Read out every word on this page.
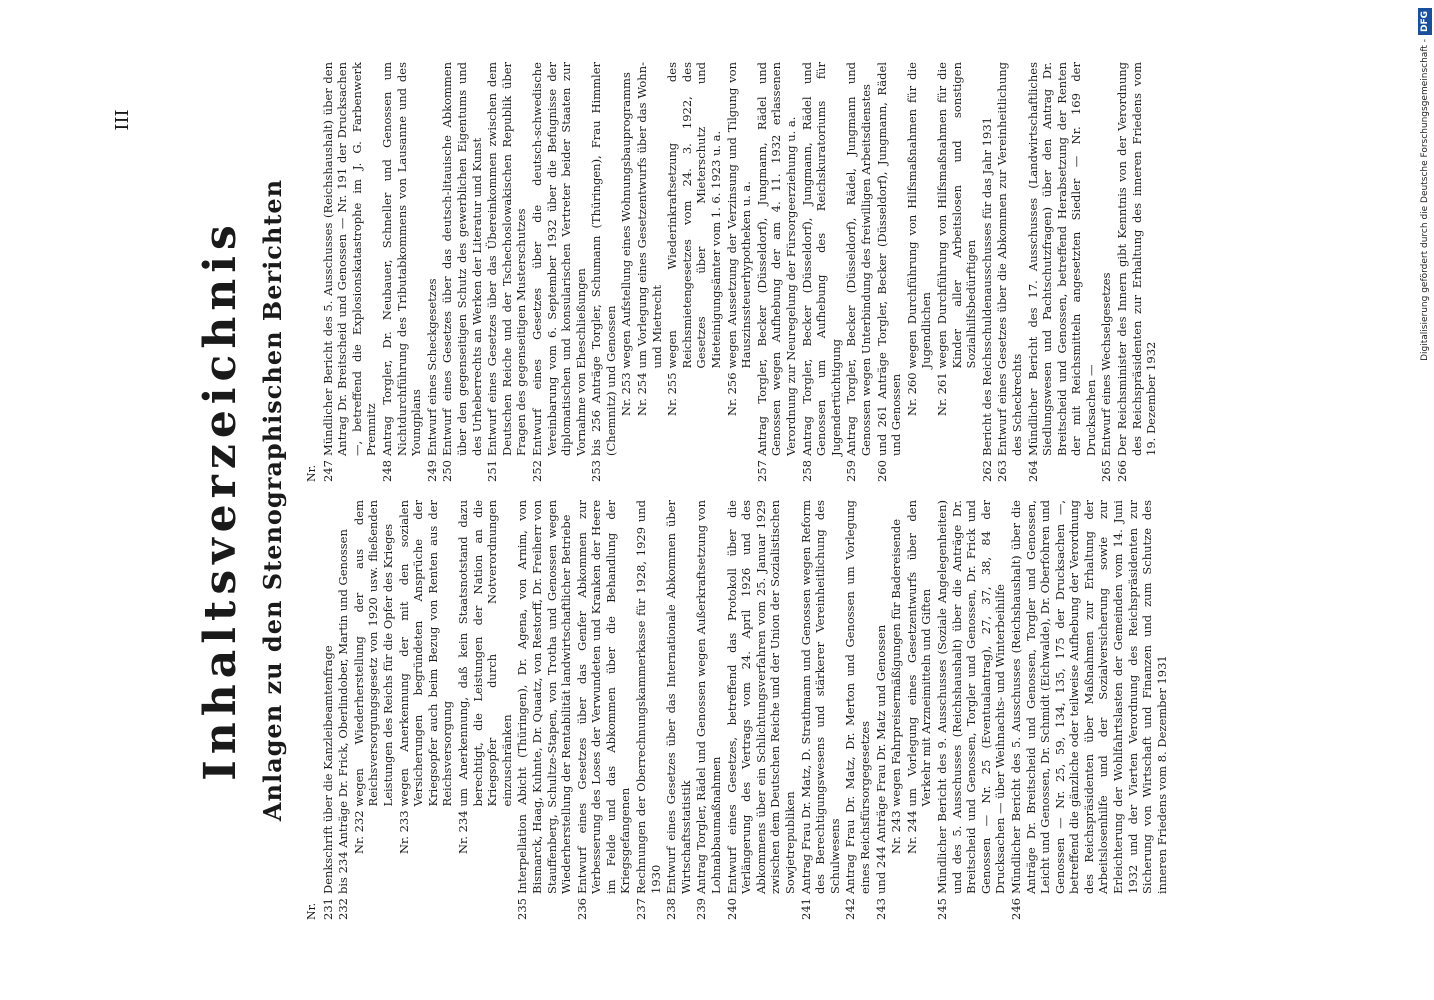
III
Inhaltsverzeichnis Anlagen zu den Stenographischen Berichten
Nr. 231
Denkschrift über die Kanzleibeamtenfrage
232
bis 234 Anträge Dr. Frick, Oberlindober, Martin und Genossen Nr. 232
wegen Wiederherstellung der aus dem Reichsversorgungsgesetz von 1920 usw. fließenden Leistungen des Reichs für die Opfer des Krieges
Nr. 233
wegen Anerkennung der mit den sozialen Versicherungen begründeten Ansprüche der Kriegsopfer auch beim Bezug von Renten aus der Reichsversorgung
Nr. 234
um Anerkennung, daß kein Staatsnotstand dazu berechtigt, die Leistungen der Nation an die Kriegsopfer durch Notverordnungen einzuschränken
235
Interpellation Abicht (Thüringen), Dr. Agena, von Arnim, von Bismarck, Haag, Kuhnte, Dr. Quaatz, von Restorff, Dr. Freiherr von Stauffenberg, Schultze-Stapen, von Trotha und Genossen wegen Wiederherstellung der Rentabilität landwirtschaftlicher Betriebe
236
Entwurf eines Gesetzes über das Genfer Abkommen zur Verbesserung des Loses der Verwundeten und Kranken der Heere im Felde und das Abkommen über die Behandlung der Kriegsgefangenen
237
Rechnungen der Oberrechnungskammerkasse für 1928, 1929 und 1930
238
Entwurf eines Gesetzes über das Internationale Abkommen über Wirtschaftsstatistik
239
Antrag Torgler, Rädel und Genossen wegen Außerkraftsetzung von Lohnabbaumaßnahmen
240
Entwurf eines Gesetzes, betreffend das Protokoll über die Verlängerung des Vertrags vom 24. April 1926 und des Abkommens über ein Schlichtungsverfahren vom 25. Januar 1929 zwischen dem Deutschen Reiche und der Union der Sozialistischen Sowjetrepubliken
241
Antrag Frau Dr. Matz, D. Strathmann und Genossen wegen Reform des Berechtigungswesens und stärkerer Vereinheitlichung des Schulwesens
242
Antrag Frau Dr. Matz, Dr. Merton und Genossen um Vorlegung eines Reichsfürsorgegesetzes
243
und 244 Anträge Frau Dr. Matz und Genossen Nr. 243
wegen Fahrpreisermäßigungen für Badereisende
Nr. 244
um Vorlegung eines Gesetzentwurfs über den Verkehr mit Arzneimitteln und Giften
245
Mündlicher Bericht des 9. Ausschusses (Soziale Angelegenheiten) und des 5. Ausschusses (Reichshaushalt) über die Anträge Dr. Breitscheid und Genossen, Torgler und Genossen, Dr. Frick und Genossen — Nr. 25 (Eventualantrag), 27, 37, 38, 84 der Drucksachen — über Weihnachts- und Winterbeihilfe
246
Mündlicher Bericht des 5. Ausschusses (Reichshaushalt) über die Anträge Dr. Breitscheid und Genossen, Torgler und Genossen, Leicht und Genossen, Dr. Schmidt (Eichwalde), Dr. Oberfohren und Genossen — Nr. 25, 59, 134, 135, 175 der Drucksachen —, betreffend die gänzliche oder teilweise Aufhebung der Verordnung des Reichspräsidenten über Maßnahmen zur Erhaltung der Arbeitslosenhilfe und der Sozialversicherung sowie zur Erleichterung der Wohlfahrtslasten der Gemeinden vom 14. Juni 1932 und der Vierten Verordnung des Reichspräsidenten zur Sicherung von Wirtschaft und Finanzen und zum Schutze des inneren Friedens vom 8. Dezember 1931
Nr. 247
Mündlicher Bericht des 5. Ausschusses (Reichshaushalt) über den Antrag Dr. Breitscheid und Genossen — Nr. 191 der Drucksachen —, betreffend die Explosionskatastrophe im J. G. Farbenwerk Premnitz
248
Antrag Torgler, Dr. Neubauer, Schneller und Genossen um Nichtdurchführung des Tributabkommens von Lausanne und des Youngplans
249
Entwurf eines Scheckgesetzes
250
Entwurf eines Gesetzes über das deutsch-litauische Abkommen über den gegenseitigen Schutz des gewerblichen Eigentums und des Urheberrechts an Werken der Literatur und Kunst
251
Entwurf eines Gesetzes über das Übereinkommen zwischen dem Deutschen Reiche und der Tschechoslowakischen Republik über Fragen des gegenseitigen Musterschutzes
252
Entwurf eines Gesetzes über die deutsch-schwedische Vereinbarung vom 6. September 1932 über die Befugnisse der diplomatischen und konsularischen Vertreter beider Staaten zur Vornahme von Eheschließungen
253
bis 256 Anträge Torgler, Schumann (Thüringen), Frau Himmler (Chemnitz) und Genossen Nr. 253
wegen Aufstellung eines Wohnungsbauprogramms
Nr. 254
um Vorlegung eines Gesetzentwurfs über das Wohn- und Mietrecht
Nr. 255
wegen Wiederinkraftsetzung des Reichsmietengesetzes vom 24. 3. 1922, des Gesetzes über Mieterschutz und Mieteinigungsämter vom 1. 6. 1923 u. a.
Nr. 256
wegen Aussetzung der Verzinsung und Tilgung von Hauszinssteuerhypotheken u. a.
257
Antrag Torgler, Becker (Düsseldorf), Jungmann, Rädel und Genossen wegen Aufhebung der am 4. 11. 1932 erlassenen Verordnung zur Neuregelung der Fürsorgeerziehung u. a.
258
Antrag Torgler, Becker (Düsseldorf), Jungmann, Rädel und Genossen um Aufhebung des Reichskuratoriums für Jugendertüchtigung
259
Antrag Torgler, Becker (Düsseldorf), Rädel, Jungmann und Genossen wegen Unterbindung des freiwilligen Arbeitsdienstes
260
und 261 Anträge Torgler, Becker (Düsseldorf), Jungmann, Rädel und Genossen Nr. 260
wegen Durchführung von Hilfsmaßnahmen für die Jugendlichen
Nr. 261
wegen Durchführung von Hilfsmaßnahmen für die Kinder aller Arbeitslosen und sonstigen Sozialhilfsbedürftigen
262
Bericht des Reichsschuldenausschusses für das Jahr 1931
263
Entwurf eines Gesetzes über die Abkommen zur Vereinheitlichung des Scheckrechts
264
Mündlicher Bericht des 17. Ausschusses (Landwirtschaftliches Siedlungswesen und Pachtschutzfragen) über den Antrag Dr. Breitscheid und Genossen, betreffend Herabsetzung der Renten der mit Reichsmitteln angesetzten Siedler — Nr. 169 der Drucksachen —
265
Entwurf eines Wechselgesetzes
266
Der Reichsminister des Innern gibt Kenntnis von der Verordnung des Reichspräsidenten zur Erhaltung des inneren Friedens vom 19. Dezember 1932
Digitalisierung gefördert durch die Deutsche Forschungsgemeinschaft -DFG
